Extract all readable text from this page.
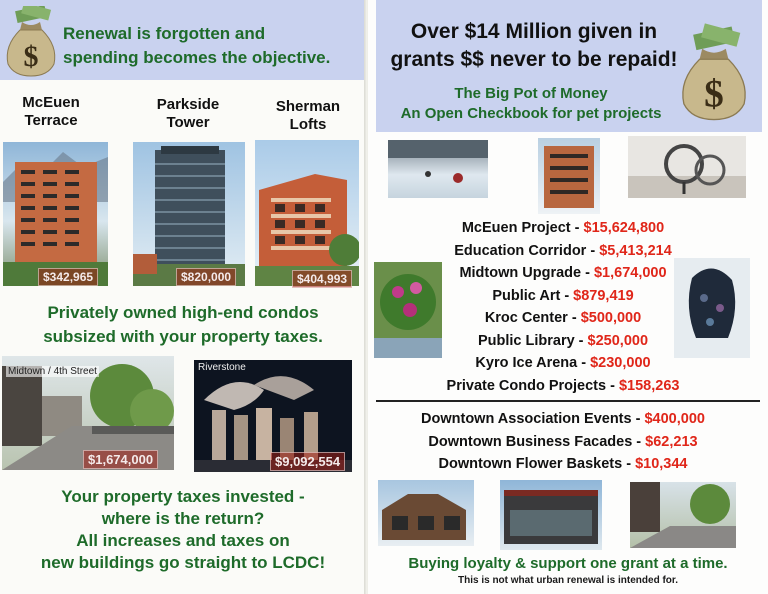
$
Renewal is forgotten and
spending becomes the objective.
McEuen
Terrace
Parkside
Tower
Sherman
Lofts
$342,965	$820,000	$404,993
Privately owned high-end condos
subsized with your property taxes.
Midtown / 4th Street
$1,674,000
Riverstone
$9,092,554
Your property taxes invested -
where is the return?
All increases and taxes on
new buildings go straight to LCDC!
Over $14 Million given in
grants $$ never to be repaid!
The Big Pot of Money
An Open Checkbook for pet projects	$
McEuen Project - $15,624,800
Education Corridor - $5,413,214
Midtown Upgrade - $1,674,000
Public Art - $879,419
Kroc Center - $500,000
Public Library - $250,000
Kyro Ice Arena - $230,000
Private Condo Projects - $158,263
Downtown Association Events - $400,000
Downtown Business Facades - $62,213
Downtown Flower Baskets - $10,344
Buying loyalty & support one grant at a time.
This is not what urban renewal is intended for.
